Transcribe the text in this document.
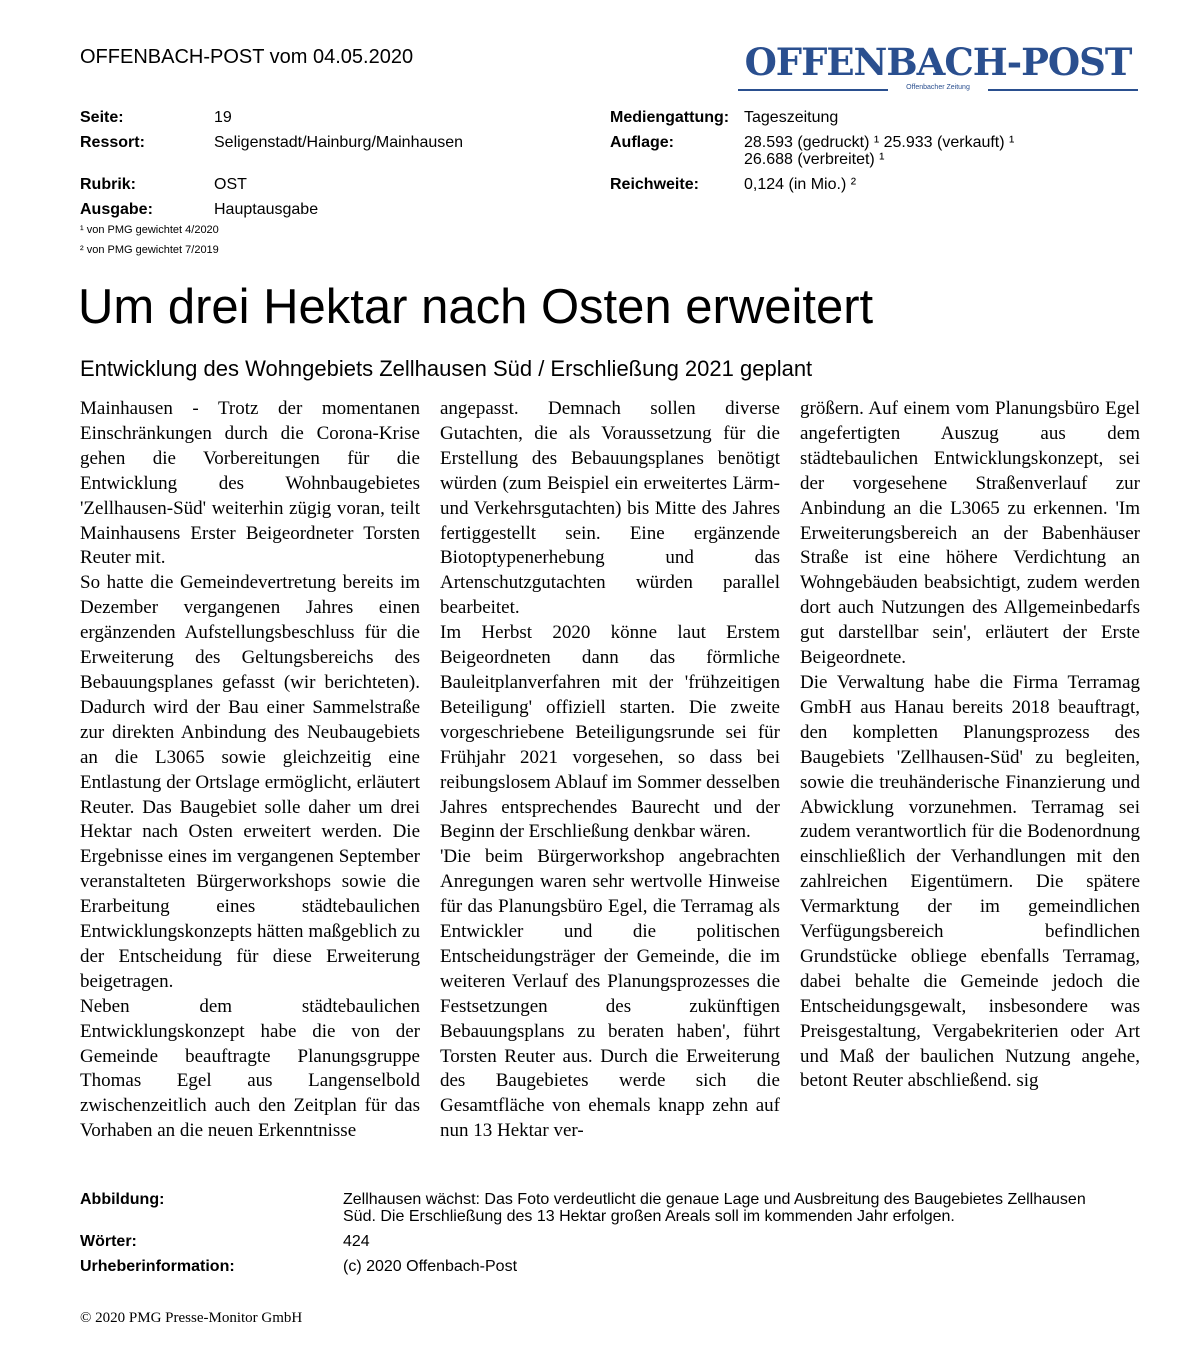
OFFENBACH-POST vom 04.05.2020	OFFENBACH-POST
Offenbacher Zeitung
Seite:	19
Ressort:	Seligenstadt/Hainburg/Mainhausen
Rubrik:	OST
Ausgabe:	Hauptausgabe
Mediengattung: Tageszeitung
Auflage:	28.593 (gedruckt) ¹ 25.933 (verkauft) ¹
26.688 (verbreitet) ¹
Reichweite:	0,124 (in Mio.) ²
¹ von PMG gewichtet 4/2020
² von PMG gewichtet 7/2019
Um drei Hektar nach Osten erweitert
Entwicklung des Wohngebiets Zellhausen Süd / Erschließung 2021 geplant

Mainhausen - Trotz der momentanen Einschränkungen durch die Corona-Krise gehen die Vorbereitungen für die Entwicklung des Wohnbaugebietes 'Zellhausen-Süd' weiterhin zügig voran, teilt Mainhausens Erster Beigeordneter Torsten Reuter mit.

So hatte die Gemeindevertretung bereits im Dezember vergangenen Jahres einen ergänzenden Aufstellungsbeschluss für die Erweiterung des Geltungsbereichs des Bebauungsplanes gefasst (wir berichteten). Dadurch wird der Bau einer Sammelstraße zur direkten Anbindung des Neubaugebiets an die L3065 sowie gleichzeitig eine Entlastung der Ortslage ermöglicht, erläutert Reuter. Das Baugebiet solle daher um drei Hektar nach Osten erweitert werden. Die Ergebnisse eines im vergangenen September veranstalteten Bürgerworkshops sowie die Erarbeitung eines städtebaulichen Entwicklungskonzepts hätten maßgeblich zu der Entscheidung für diese Erweiterung beigetragen.

Neben dem städtebaulichen Entwicklungskonzept habe die von der Gemeinde beauftragte Planungsgruppe Thomas Egel aus Langenselbold zwischenzeitlich auch den Zeitplan für das Vorhaben an die neuen Erkenntnisse

angepasst. Demnach sollen diverse Gutachten, die als Voraussetzung für die Erstellung des Bebauungsplanes benötigt würden (zum Beispiel ein erweitertes Lärm- und Verkehrsgutachten) bis Mitte des Jahres fertiggestellt sein. Eine ergänzende Biotoptypenerhebung und das Artenschutzgutachten würden parallel bearbeitet.

Im Herbst 2020 könne laut Erstem Beigeordneten dann das förmliche Bauleitplanverfahren mit der 'frühzeitigen Beteiligung' offiziell starten. Die zweite vorgeschriebene Beteiligungsrunde sei für Frühjahr 2021 vorgesehen, so dass bei reibungslosem Ablauf im Sommer desselben Jahres entsprechendes Baurecht und der Beginn der Erschließung denkbar wären.

'Die beim Bürgerworkshop angebrachten Anregungen waren sehr wertvolle Hinweise für das Planungsbüro Egel, die Terramag als Entwickler und die politischen Entscheidungsträger der Gemeinde, die im weiteren Verlauf des Planungsprozesses die Festsetzungen des zukünftigen Bebauungsplans zu beraten haben', führt Torsten Reuter aus. Durch die Erweiterung des Baugebietes werde sich die Gesamtfläche von ehemals knapp zehn auf nun 13 Hektar ver-

größern. Auf einem vom Planungsbüro Egel angefertigten Auszug aus dem städtebaulichen Entwicklungskonzept, sei der vorgesehene Straßenverlauf zur Anbindung an die L3065 zu erkennen. 'Im Erweiterungsbereich an der Babenhäuser Straße ist eine höhere Verdichtung an Wohngebäuden beabsichtigt, zudem werden dort auch Nutzungen des Allgemeinbedarfs gut darstellbar sein', erläutert der Erste Beigeordnete.

Die Verwaltung habe die Firma Terramag GmbH aus Hanau bereits 2018 beauftragt, den kompletten Planungsprozess des Baugebiets 'Zellhausen-Süd' zu begleiten, sowie die treuhänderische Finanzierung und Abwicklung vorzunehmen. Terramag sei zudem verantwortlich für die Bodenordnung einschließlich der Verhandlungen mit den zahlreichen Eigentümern. Die spätere Vermarktung der im gemeindlichen Verfügungsbereich befindlichen Grundstücke obliege ebenfalls Terramag, dabei behalte die Gemeinde jedoch die Entscheidungsgewalt, insbesondere was Preisgestaltung, Vergabekriterien oder Art und Maß der baulichen Nutzung angehe, betont Reuter abschließend. sig

Abbildung:	Zellhausen wächst: Das Foto verdeutlicht die genaue Lage und Ausbreitung des Baugebietes Zellhausen
Süd. Die Erschließung des 13 Hektar großen Areals soll im kommenden Jahr erfolgen.
Wörter:	424
Urheberinformation:	(c) 2020 Offenbach-Post
© 2020 PMG Presse-Monitor GmbH
